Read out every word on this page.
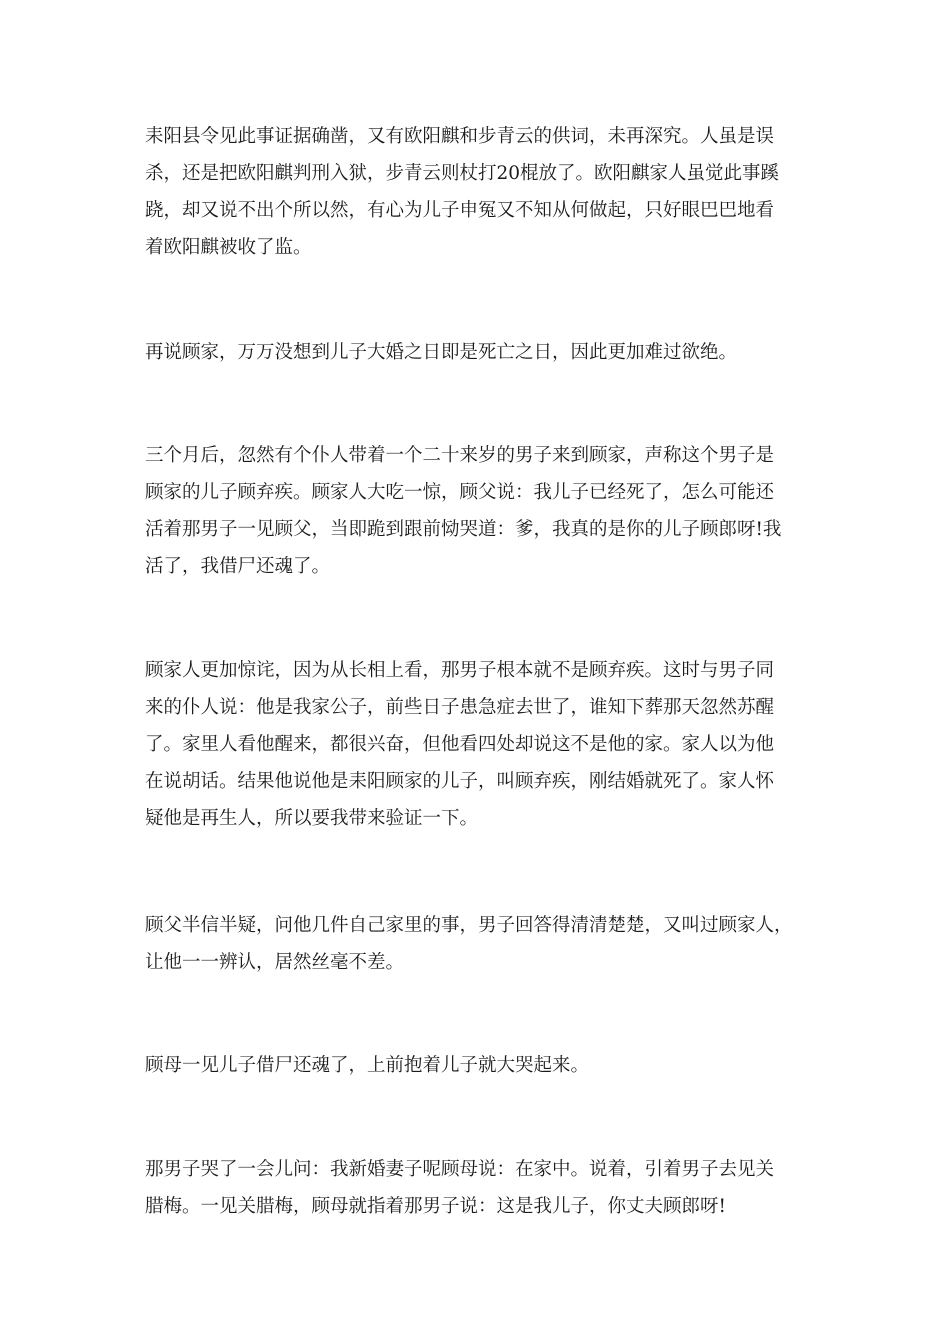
耒阳县令见此事证据确凿，又有欧阳麒和步青云的供词，未再深究。人虽是误
杀，还是把欧阳麒判刑入狱，步青云则杖打20棍放了。欧阳麒家人虽觉此事蹊
跷，却又说不出个所以然，有心为儿子申冤又不知从何做起，只好眼巴巴地看
着欧阳麒被收了监。

再说顾家，万万没想到儿子大婚之日即是死亡之日，因此更加难过欲绝。

三个月后，忽然有个仆人带着一个二十来岁的男子来到顾家，声称这个男子是
顾家的儿子顾弃疾。顾家人大吃一惊，顾父说：我儿子已经死了，怎么可能还
活着那男子一见顾父，当即跪到跟前恸哭道：爹，我真的是你的儿子顾郎呀!我
活了，我借尸还魂了。

顾家人更加惊诧，因为从长相上看，那男子根本就不是顾弃疾。这时与男子同
来的仆人说：他是我家公子，前些日子患急症去世了，谁知下葬那天忽然苏醒
了。家里人看他醒来，都很兴奋，但他看四处却说这不是他的家。家人以为他
在说胡话。结果他说他是耒阳顾家的儿子，叫顾弃疾，刚结婚就死了。家人怀
疑他是再生人，所以要我带来验证一下。

顾父半信半疑，问他几件自己家里的事，男子回答得清清楚楚，又叫过顾家人，
让他一一辨认，居然丝毫不差。

顾母一见儿子借尸还魂了，上前抱着儿子就大哭起来。

那男子哭了一会儿问：我新婚妻子呢顾母说：在家中。说着，引着男子去见关
腊梅。一见关腊梅，顾母就指着那男子说：这是我儿子，你丈夫顾郎呀!
